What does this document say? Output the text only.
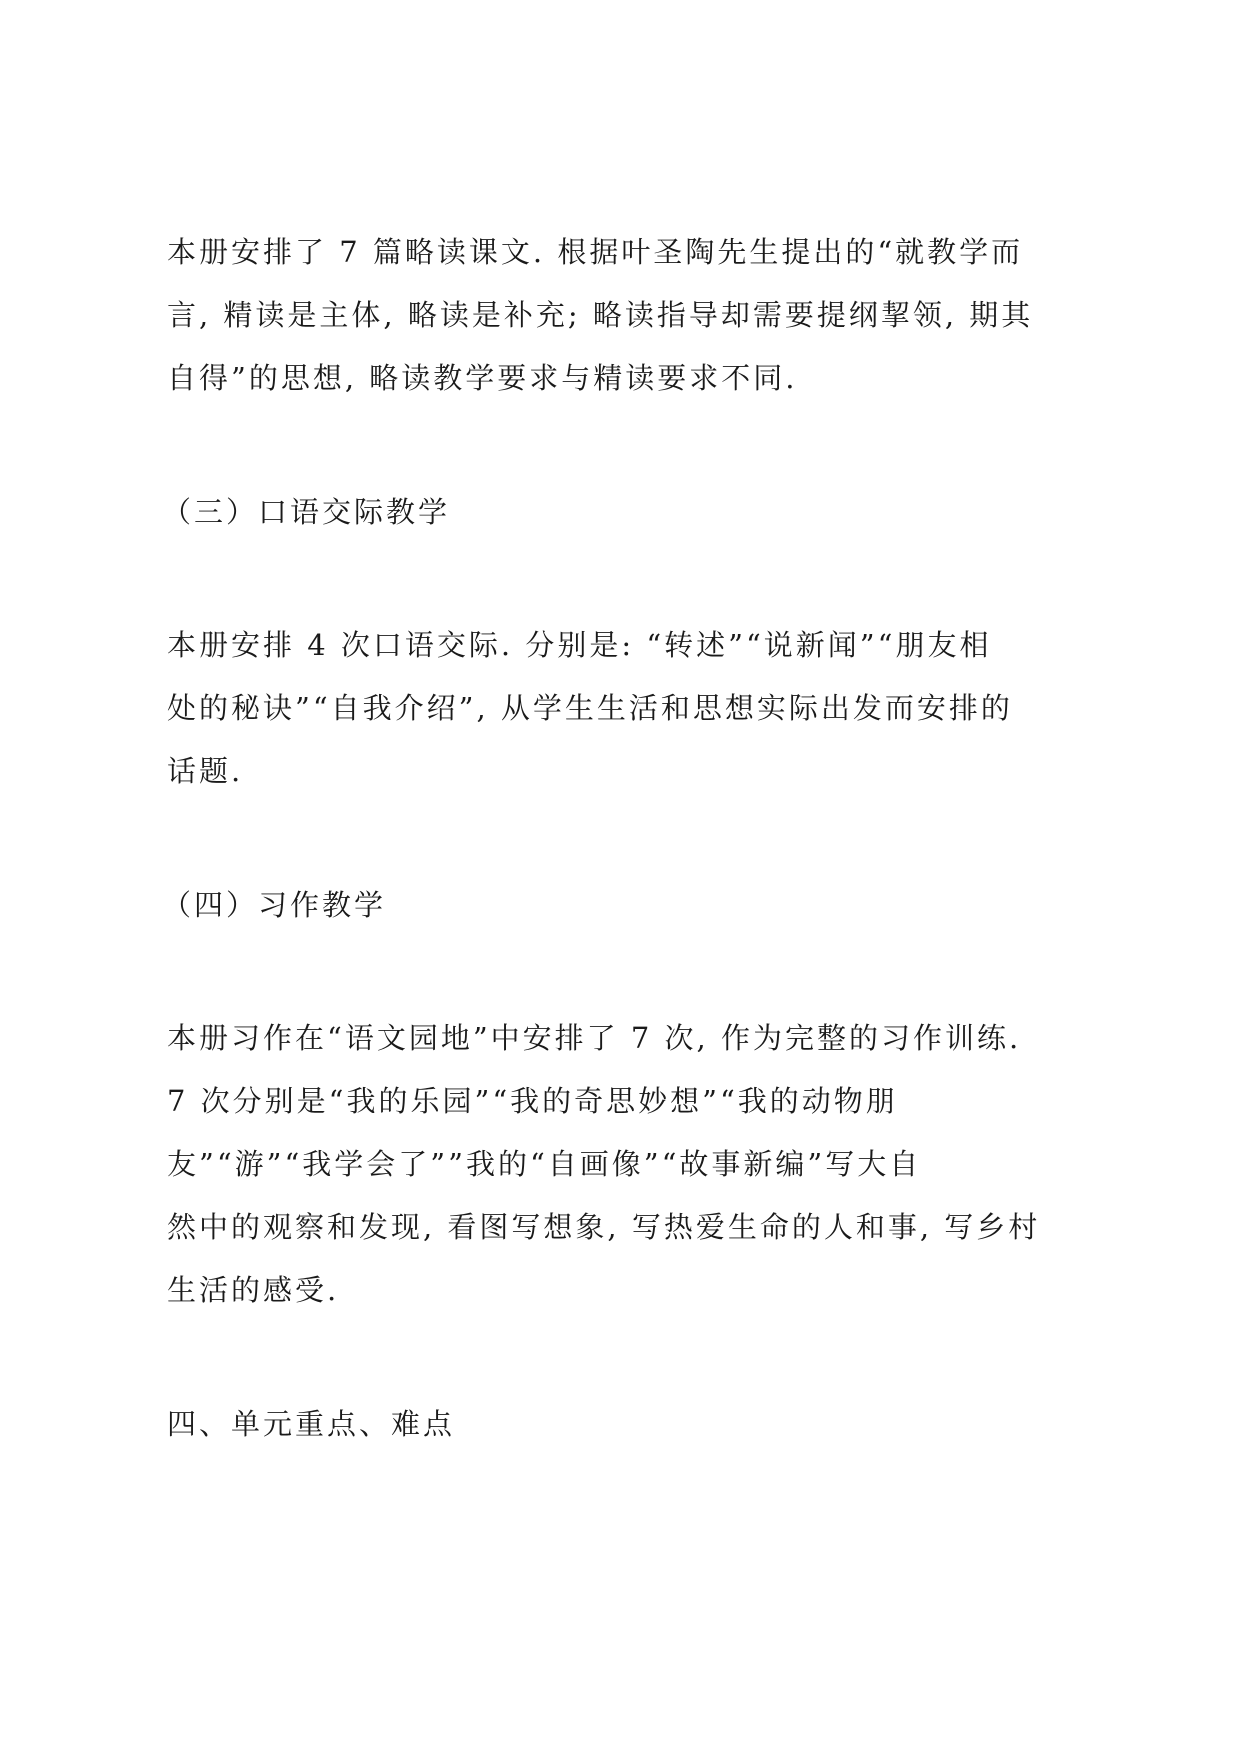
本册安排了 7 篇略读课文. 根据叶圣陶先生提出的“就教学而
言, 精读是主体, 略读是补充; 略读指导却需要提纲挈领, 期其
自得”的思想, 略读教学要求与精读要求不同.
（三）口语交际教学
本册安排 4 次口语交际. 分别是: “转述”“说新闻”“朋友相
处的秘诀”“自我介绍”, 从学生生活和思想实际出发而安排的
话题.
（四）习作教学
本册习作在“语文园地”中安排了 7 次, 作为完整的习作训练.
7 次分别是“我的乐园”“我的奇思妙想”“我的动物朋
友”“游”“我学会了””我的“自画像”“故事新编”写大自
然中的观察和发现, 看图写想象, 写热爱生命的人和事, 写乡村
生活的感受.
四、单元重点、难点
